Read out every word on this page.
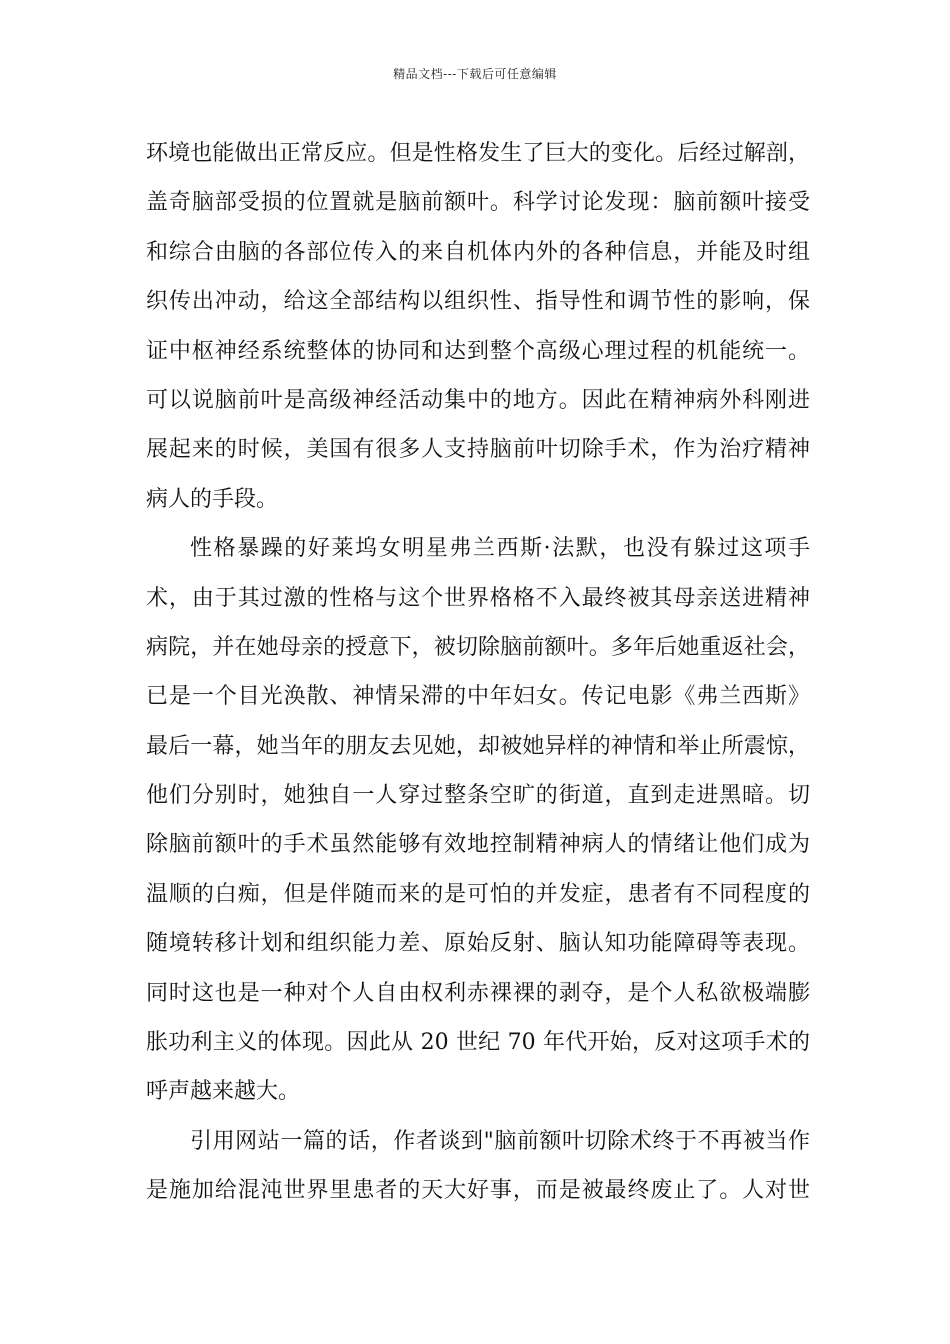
精品文档---下载后可任意编辑
环境也能做出正常反应。但是性格发生了巨大的变化。后经过解剖，
盖奇脑部受损的位置就是脑前额叶。科学讨论发现：脑前额叶接受
和综合由脑的各部位传入的来自机体内外的各种信息，并能及时组
织传出冲动，给这全部结构以组织性、指导性和调节性的影响，保
证中枢神经系统整体的协同和达到整个高级心理过程的机能统一。
可以说脑前叶是高级神经活动集中的地方。因此在精神病外科刚进
展起来的时候，美国有很多人支持脑前叶切除手术，作为治疗精神
病人的手段。
性格暴躁的好莱坞女明星弗兰西斯·法默，也没有躲过这项手
术，由于其过激的性格与这个世界格格不入最终被其母亲送进精神
病院，并在她母亲的授意下，被切除脑前额叶。多年后她重返社会，
已是一个目光涣散、神情呆滞的中年妇女。传记电影《弗兰西斯》
最后一幕，她当年的朋友去见她，却被她异样的神情和举止所震惊，
他们分别时，她独自一人穿过整条空旷的街道，直到走进黑暗。切
除脑前额叶的手术虽然能够有效地控制精神病人的情绪让他们成为
温顺的白痴，但是伴随而来的是可怕的并发症，患者有不同程度的
随境转移计划和组织能力差、原始反射、脑认知功能障碍等表现。
同时这也是一种对个人自由权利赤裸裸的剥夺，是个人私欲极端膨
胀功利主义的体现。因此从 20 世纪 70 年代开始，反对这项手术的
呼声越来越大。
引用网站一篇的话，作者谈到"脑前额叶切除术终于不再被当作
是施加给混沌世界里患者的天大好事，而是被最终废止了。人对世
